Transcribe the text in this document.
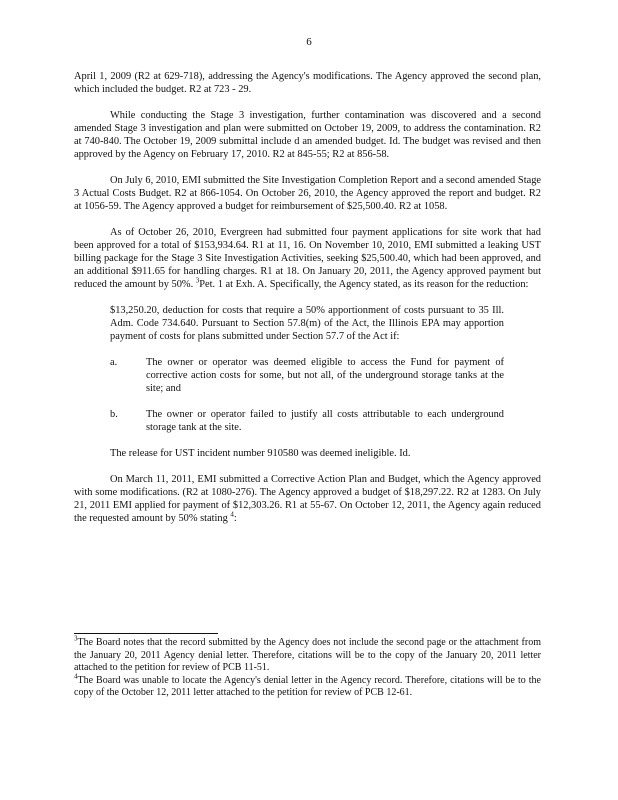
6

April 1, 2009 (R2 at 629-718), addressing the Agency's modifications. The Agency approved the second plan, which included the budget. R2 at 723 - 29.

While conducting the Stage 3 investigation, further contamination was discovered and a second amended Stage 3 investigation and plan were submitted on October 19, 2009, to address the contamination. R2 at 740-840. The October 19, 2009 submittal include d an amended budget. Id. The budget was revised and then approved by the Agency on February 17, 2010. R2 at 845-55; R2 at 856-58.

On July 6, 2010, EMI submitted the Site Investigation Completion Report and a second amended Stage 3 Actual Costs Budget. R2 at 866-1054. On October 26, 2010, the Agency approved the report and budget. R2 at 1056-59. The Agency approved a budget for reimbursement of $25,500.40. R2 at 1058.

As of October 26, 2010, Evergreen had submitted four payment applications for site work that had been approved for a total of $153,934.64. R1 at 11, 16. On November 10, 2010, EMI submitted a leaking UST billing package for the Stage 3 Site Investigation Activities, seeking $25,500.40, which had been approved, and an additional $911.65 for handling charges. R1 at 18. On January 20, 2011, the Agency approved payment but reduced the amount by 50%. $^3$Pet. 1 at Exh. A. Specifically, the Agency stated, as its reason for the reduction:

$13,250.20, deduction for costs that require a 50% apportionment of costs pursuant to 35 Ill. Adm. Code 734.640. Pursuant to Section 57.8(m) of the Act, the Illinois EPA may apportion payment of costs for plans submitted under Section 57.7 of the Act if:

a.	The owner or operator was deemed eligible to access the Fund for payment of corrective action costs for some, but not all, of the underground storage tanks at the site; and
b.	The owner or operator failed to justify all costs attributable to each underground storage tank at the site.

The release for UST incident number 910580 was deemed ineligible. Id.

On March 11, 2011, EMI submitted a Corrective Action Plan and Budget, which the Agency approved with some modifications. (R2 at 1080-276). The Agency approved a budget of $18,297.22. R2 at 1283. On July 21, 2011 EMI applied for payment of $12,303.26. R1 at 55-67. On October 12, 2011, the Agency again reduced the requested amount by 50% stating $^4$:

$^3$The Board notes that the record submitted by the Agency does not include the second page or the attachment from the January 20, 2011 Agency denial letter. Therefore, citations will be to the copy of the January 20, 2011 letter attached to the petition for review of PCB 11-51.

$^4$The Board was unable to locate the Agency's denial letter in the Agency record. Therefore, citations will be to the copy of the October 12, 2011 letter attached to the petition for review of PCB 12-61.
